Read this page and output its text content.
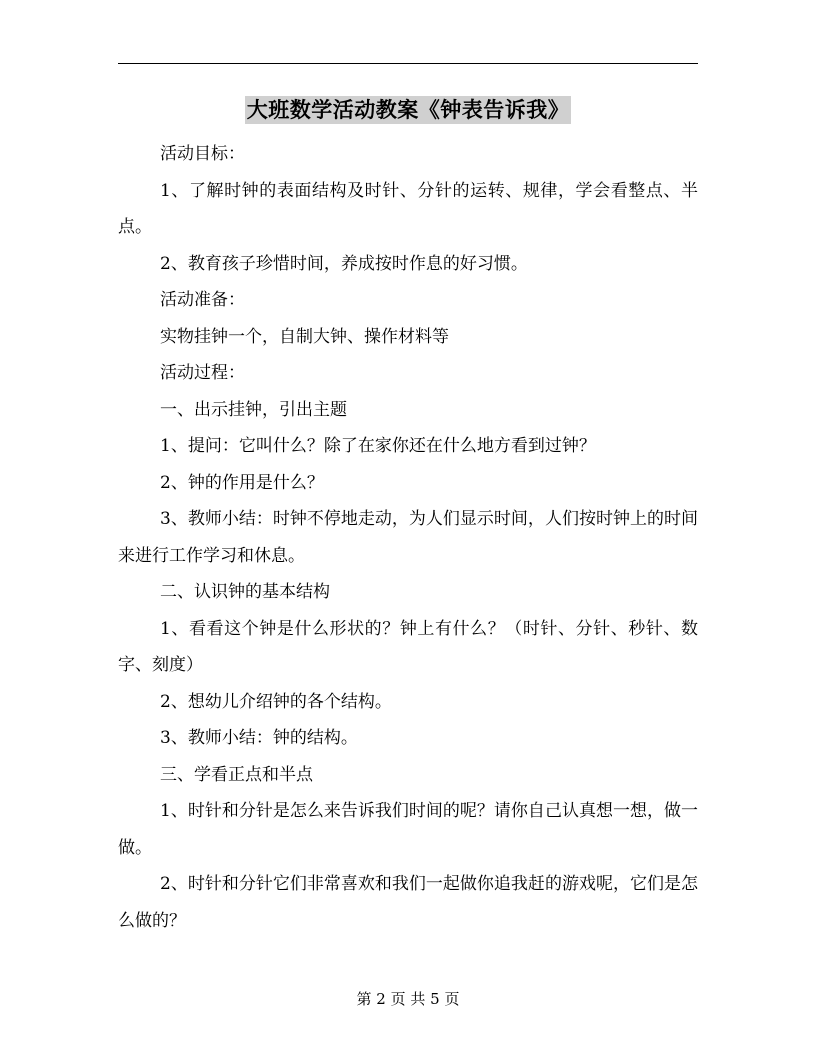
大班数学活动教案《钟表告诉我》

活动目标：

1、了解时钟的表面结构及时针、分针的运转、规律，学会看整点、半点。

2、教育孩子珍惜时间，养成按时作息的好习惯。

活动准备：

实物挂钟一个，自制大钟、操作材料等

活动过程：

一、出示挂钟，引出主题

1、提问：它叫什么？除了在家你还在什么地方看到过钟？

2、钟的作用是什么？

3、教师小结：时钟不停地走动，为人们显示时间，人们按时钟上的时间来进行工作学习和休息。

二、认识钟的基本结构

1、看看这个钟是什么形状的？钟上有什么？（时针、分针、秒针、数字、刻度）

2、想幼儿介绍钟的各个结构。

3、教师小结：钟的结构。

三、学看正点和半点

1、时针和分针是怎么来告诉我们时间的呢？请你自己认真想一想，做一做。

2、时针和分针它们非常喜欢和我们一起做你追我赶的游戏呢，它们是怎么做的？

第 2 页 共 5 页
